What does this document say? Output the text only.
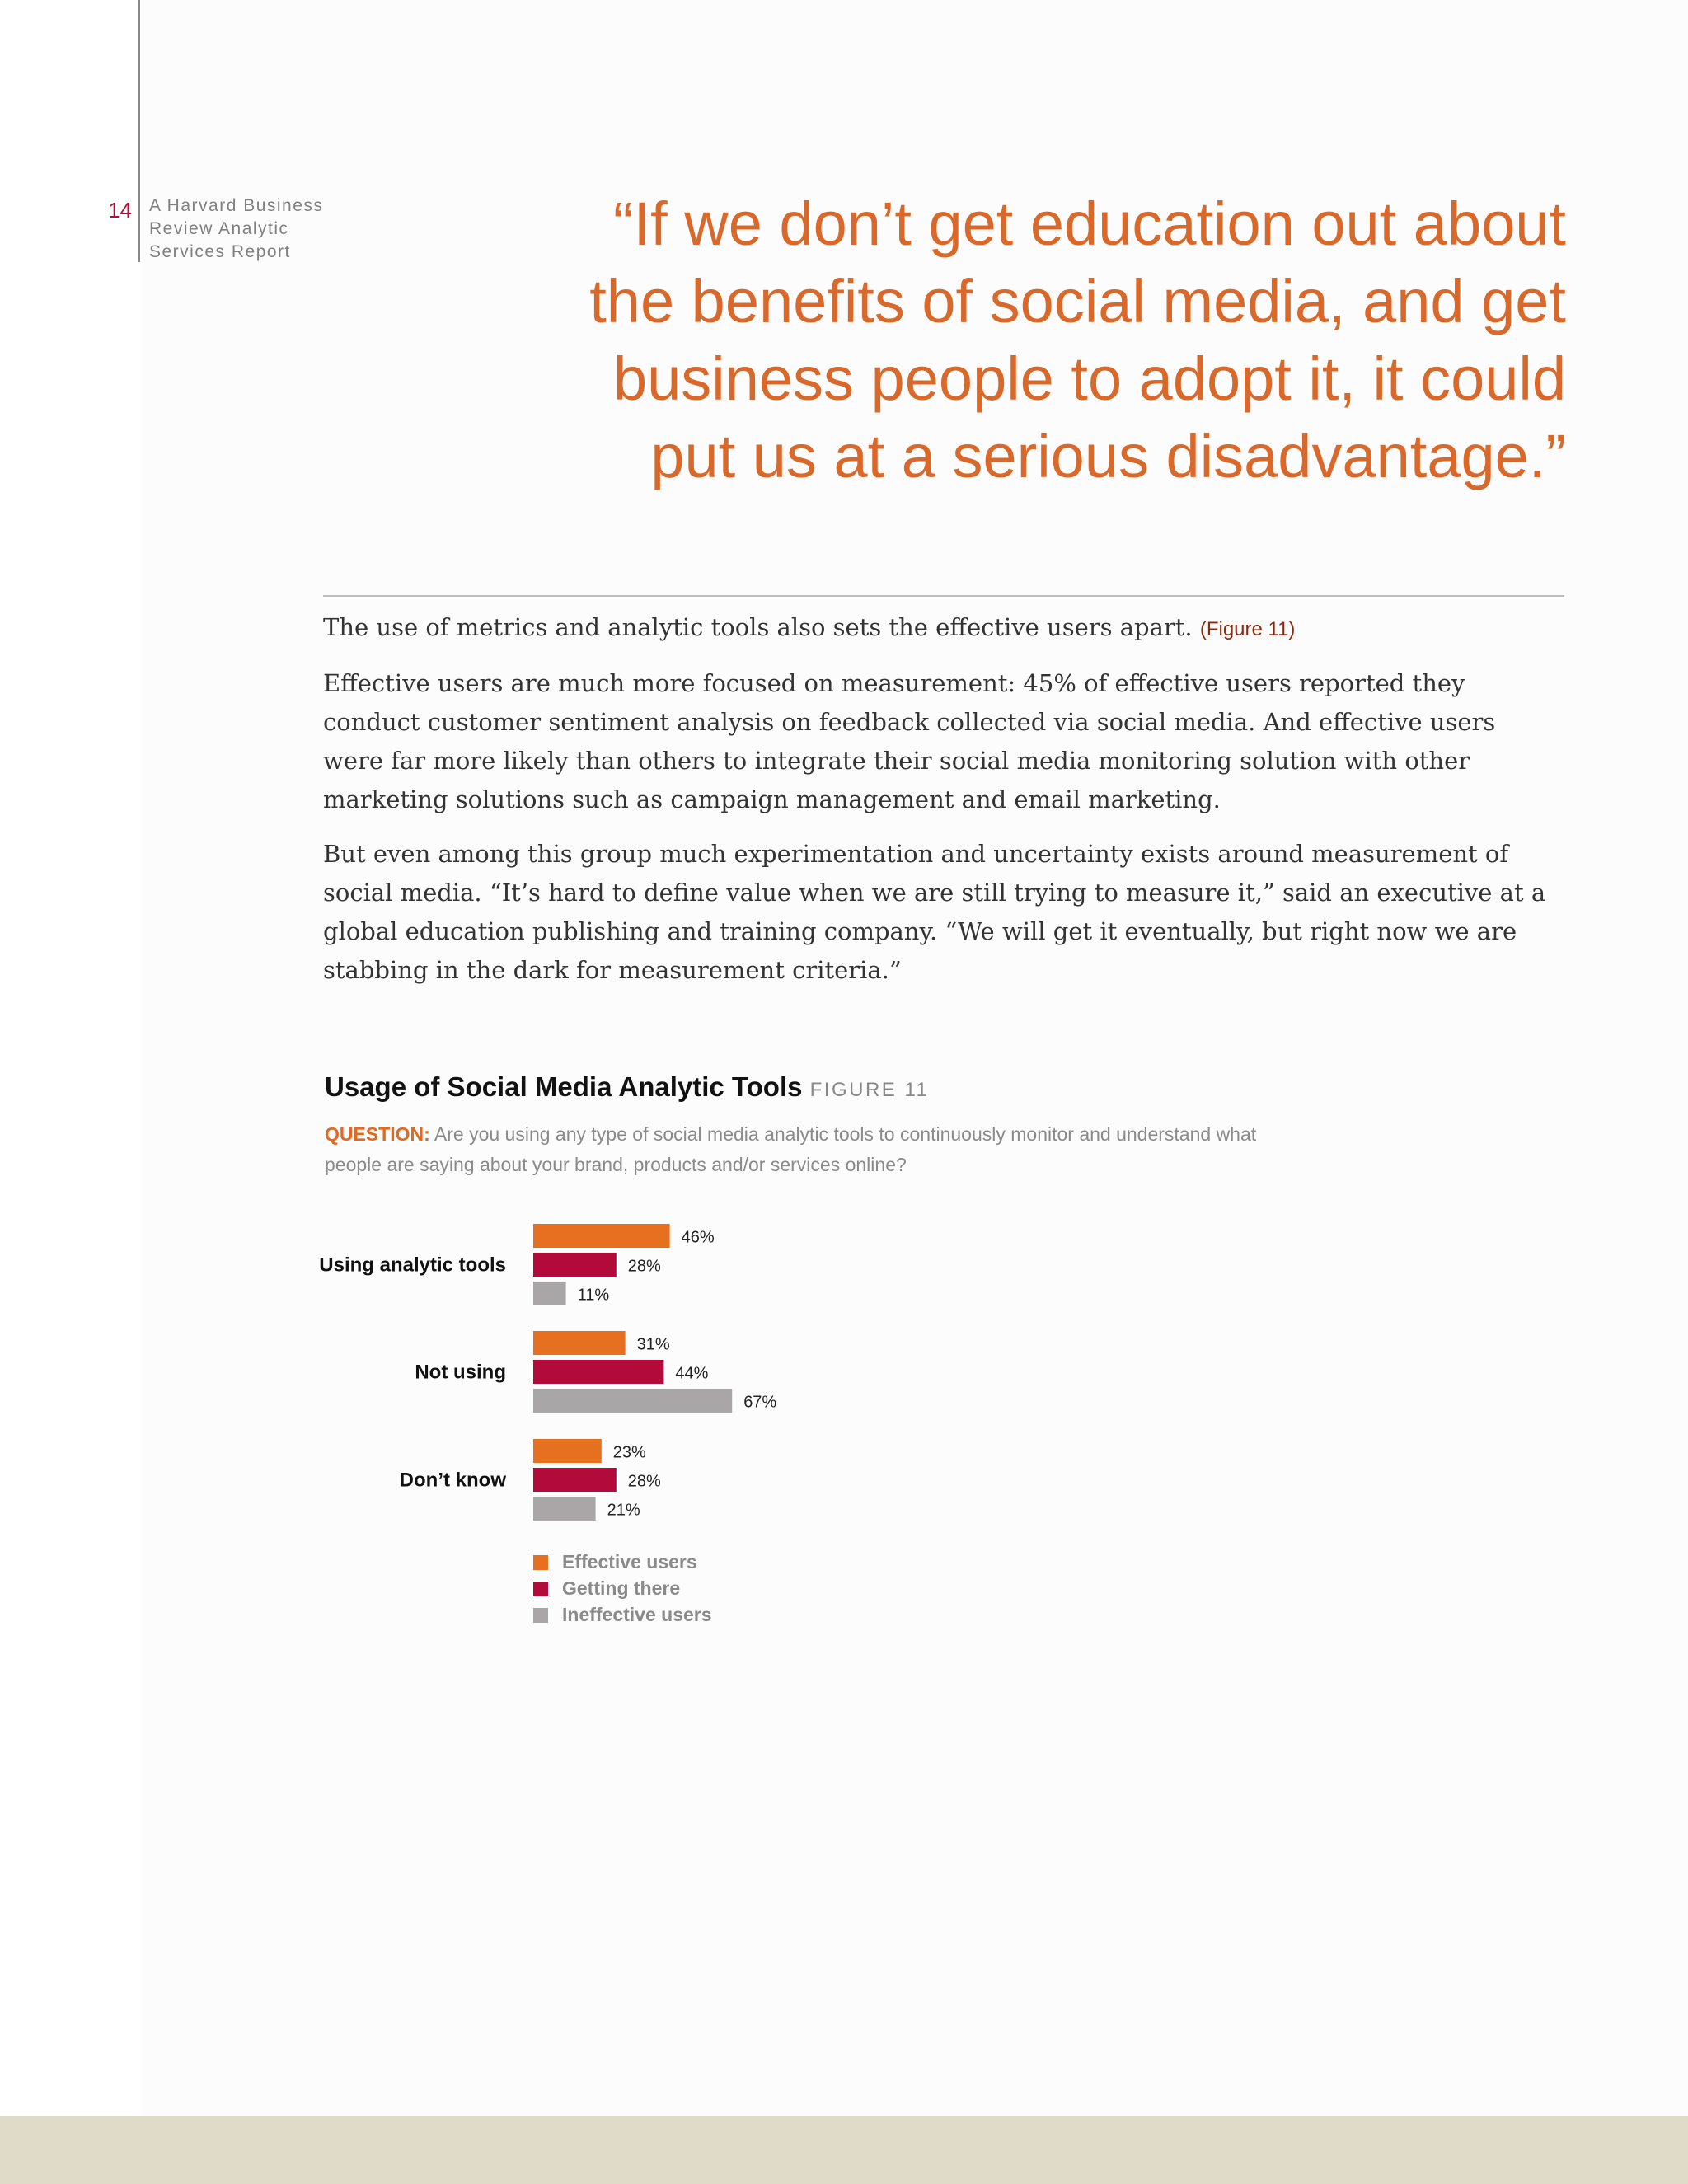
14 A Harvard Business Review Analytic Services Report	“If we don’t get education out about
the benefits of social media, and get
business people to adopt it, it could
put us at a serious disadvantage.”

The use of metrics and analytic tools also sets the effective users apart. (Figure 11)

Effective users are much more focused on measurement: 45% of effective users reported they conduct customer sentiment analysis on feedback collected via social media. And effective users were far more likely than others to integrate their social media monitoring solution with other marketing solutions such as campaign management and email marketing.

But even among this group much experimentation and uncertainty exists around measurement of social media. “It’s hard to define value when we are still trying to measure it,” said an executive at a global education publishing and training company. “We will get it eventually, but right now we are stabbing in the dark for measurement criteria.”

Usage of Social Media Analytic Tools FIGURE 11
QUESTION: Are you using any type of social media analytic tools to continuously monitor and understand what people are saying about your brand, products and/or services online?
Using analytic tools
46%
28%
11%
Not using
31%
44%
67%
Don’t know
23%
28%
21%
Effective users
Getting there
Ineffective users
